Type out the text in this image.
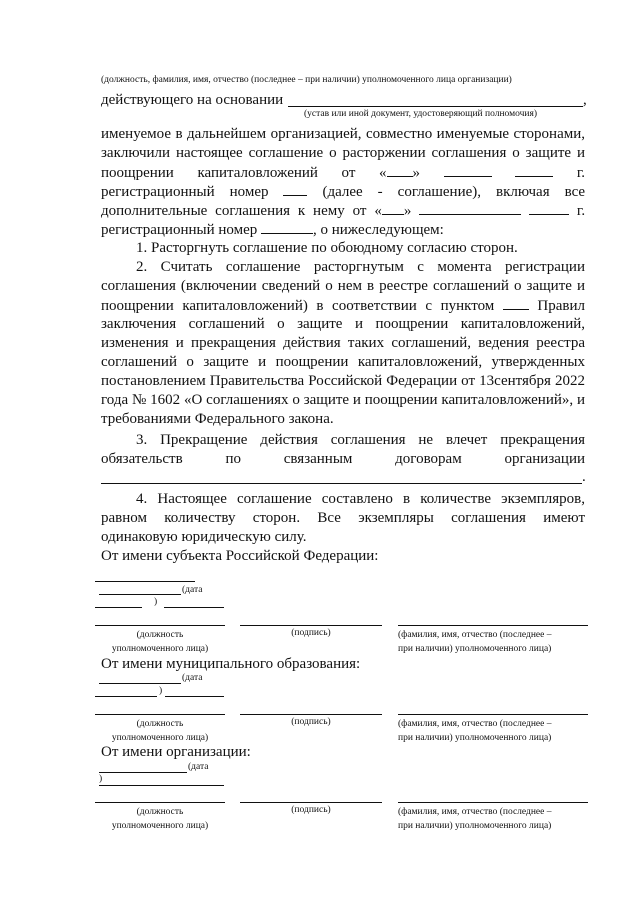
(должность, фамилия, имя, отчество (последнее – при наличии) уполномоченного лица организации)
действующего на основании	,
(устав или иной документ, удостоверяющий полномочия)
именуемое в дальнейшем организацией, совместно именуемые сторонами,
заключили настоящее соглашение о расторжении соглашения о защите и
поощрении капиталовложений от « »	г.
регистрационный номер	(далее - соглашение), включая все
дополнительные соглашения к нему от « »	г.
регистрационный номер	, о нижеследующем:
1. Расторгнуть соглашение по обоюдному согласию сторон.
2. Считать соглашение расторгнутым с момента регистрации
соглашения (включении сведений о нем в реестре соглашений о защите и
поощрении капиталовложений) в соответствии с пунктом	Правил
заключения соглашений о защите и поощрении капиталовложений,
изменения и прекращения действия таких соглашений, ведения реестра
соглашений о защите и поощрении капиталовложений, утвержденных
постановлением Правительства Российской Федерации от 13сентября 2022
года № 1602 «О соглашениях о защите и поощрении капиталовложений», и
требованиями Федерального закона.
3. Прекращение действия соглашения не влечет прекращения
обязательств по связанным договорам организации
.
4. Настоящее соглашение составлено в количестве экземпляров,
равном количеству сторон. Все экземпляры соглашения имеют
одинаковую юридическую силу.
От имени субъекта Российской Федерации:
(дата
)
(должность
уполномоченного лица)
(подпись)	(фамилия, имя, отчество (последнее –
при наличии) уполномоченного лица)
От имени муниципального образования:
(дата
)
(должность
уполномоченного лица)
(подпись)	(фамилия, имя, отчество (последнее –
при наличии) уполномоченного лица)
От имени организации:
(дата
)
(должность
уполномоченного лица)
(подпись)	(фамилия, имя, отчество (последнее –
при наличии) уполномоченного лица)
